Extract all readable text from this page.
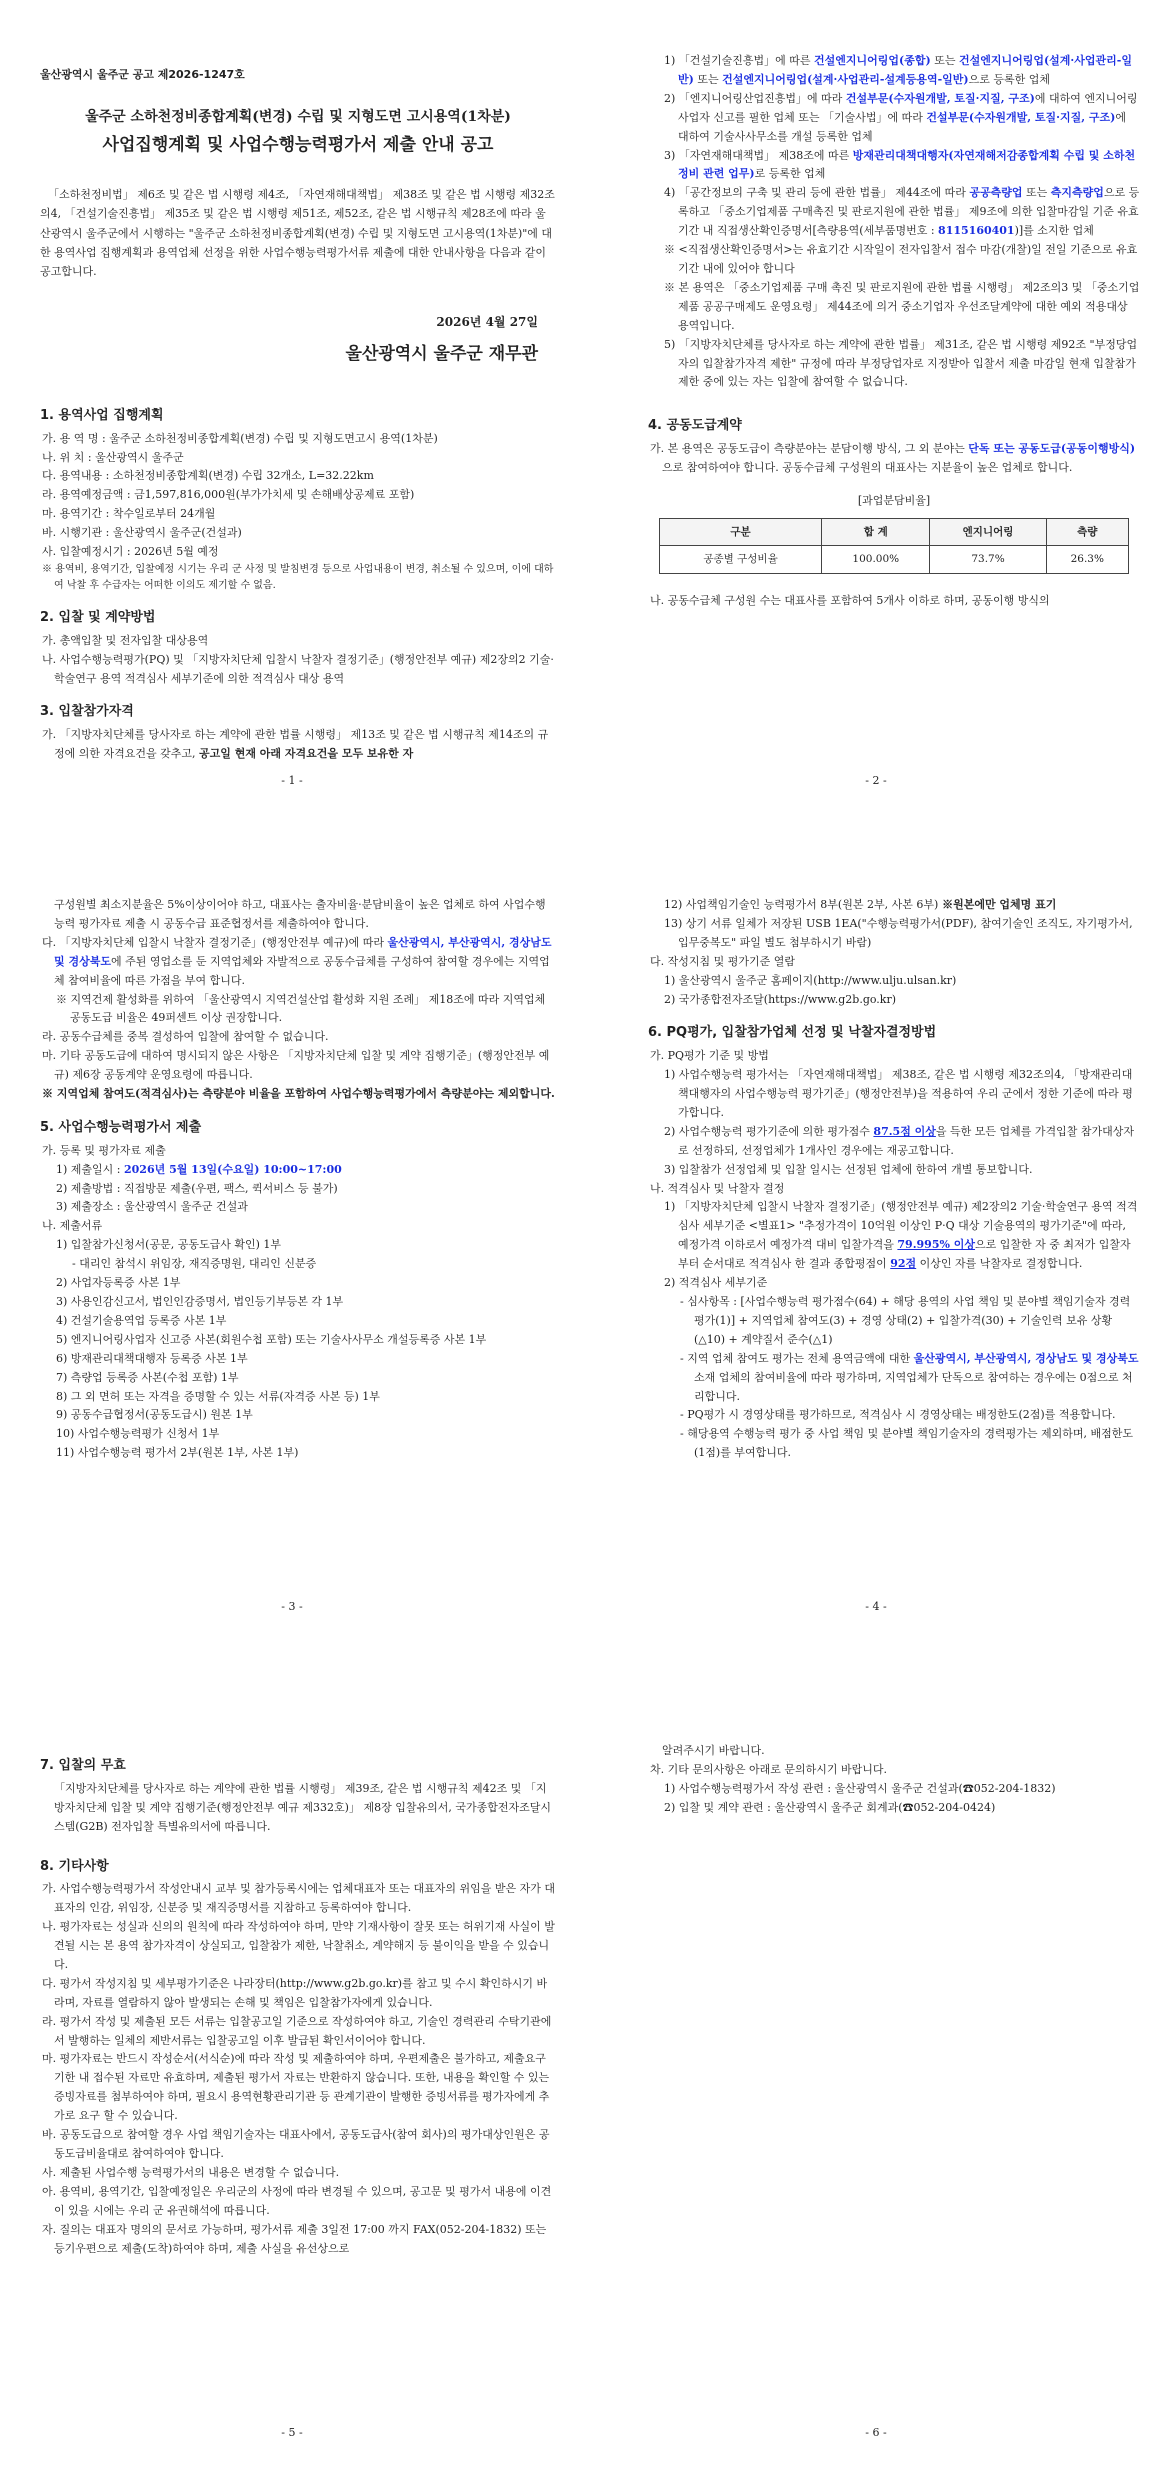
울산광역시 울주군 공고 제2026-1247호
울주군 소하천정비종합계획(변경) 수립 및 지형도면 고시용역(1차분)
사업집행계획 및 사업수행능력평가서 제출 안내 공고
「소하천정비법」 제6조 및 같은 법 시행령 제4조, 「자연재해대책법」 제38조 및 같은 법 시행령 제32조의4, 「건설기술진흥법」 제35조 및 같은 법 시행령 제51조, 제52조, 같은 법 시행규칙 제28조에 따라 울산광역시 울주군에서 시행하는 "울주군 소하천정비종합계획(변경) 수립 및 지형도면 고시용역(1차분)"에 대한 용역사업 집행계획과 용역업체 선정을 위한 사업수행능력평가서류 제출에 대한 안내사항을 다음과 같이 공고합니다.
2026년 4월 27일
울산광역시 울주군 재무관
1. 용역사업 집행계획
가. 용 역 명 : 울주군 소하천정비종합계획(변경) 수립 및 지형도면고시 용역(1차분)
나. 위 치 : 울산광역시 울주군
다. 용역내용 : 소하천정비종합계획(변경) 수립 32개소, L=32.22km
라. 용역예정금액 : 금1,597,816,000원(부가가치세 및 손해배상공제료 포함)
마. 용역기간 : 착수일로부터 24개월
바. 시행기관 : 울산광역시 울주군(건설과)
사. 입찰예정시기 : 2026년 5월 예정
※ 용역비, 용역기간, 입찰예정 시기는 우리 군 사정 및 발침변경 등으로 사업내용이 변경, 취소될 수 있으며, 이에 대하여 낙찰 후 수급자는 어떠한 이의도 제기할 수 없음.
2. 입찰 및 계약방법
가. 총액입찰 및 전자입찰 대상용역
나. 사업수행능력평가(PQ) 및 「지방자치단체 입찰시 낙찰자 결정기준」(행정안전부 예규) 제2장의2 기술·학술연구 용역 적격심사 세부기준에 의한 적격심사 대상 용역
3. 입찰참가자격
가. 「지방자치단체를 당사자로 하는 계약에 관한 법률 시행령」 제13조 및 같은 법 시행규칙 제14조의 규정에 의한 자격요건을 갖추고, 공고일 현재 아래 자격요건을 모두 보유한 자
- 1 -
1) 「건설기술진흥법」에 따른 건설엔지니어링업(종합) 또는 건설엔지니어링업(설계·사업관리-일반) 또는 건설엔지니어링업(설계·사업관리-설계등용역-일반)으로 등록한 업체
2) 「엔지니어링산업진흥법」에 따라 건설부문(수자원개발, 토질·지질, 구조)에 대하여 엔지니어링사업자 신고를 필한 업체 또는 「기술사법」에 따라 건설부문(수자원개발, 토질·지질, 구조)에 대하여 기술사사무소를 개설 등록한 업체
3) 「자연재해대책법」 제38조에 따른 방재관리대책대행자(자연재해저감종합계획 수립 및 소하천정비 관련 업무)로 등록한 업체
4) 「공간정보의 구축 및 관리 등에 관한 법률」 제44조에 따라 공공측량업 또는 측지측량업으로 등록하고 「중소기업제품 구매촉진 및 판로지원에 관한 법률」 제9조에 의한 입찰마감일 기준 유효기간 내 직접생산확인증명서[측량용역(세부품명번호 : 8115160401)]를 소지한 업체
※ <직접생산확인증명서>는 유효기간 시작일이 전자입찰서 접수 마감(개찰)일 전일 기준으로 유효기간 내에 있어야 합니다
※ 본 용역은 「중소기업제품 구매 촉진 및 판로지원에 관한 법률 시행령」 제2조의3 및 「중소기업제품 공공구매제도 운영요령」 제44조에 의거 중소기업자 우선조달계약에 대한 예외 적용대상 용역입니다.
5) 「지방자치단체를 당사자로 하는 계약에 관한 법률」 제31조, 같은 법 시행령 제92조 "부정당업자의 입찰참가자격 제한" 규정에 따라 부정당업자로 지정받아 입찰서 제출 마감일 현재 입찰참가 제한 중에 있는 자는 입찰에 참여할 수 없습니다.
4. 공동도급계약
가. 본 용역은 공동도급이 측량분야는 분담이행 방식, 그 외 분야는 단독 또는 공동도급(공동이행방식)으로 참여하여야 합니다. 공동수급체 구성원의 대표사는 지분율이 높은 업체로 합니다.
[과업분담비율]
구분	합 계	엔지니어링	측량
공종별 구성비율	100.00%	73.7%	26.3%
나. 공동수급체 구성원 수는 대표사를 포함하여 5개사 이하로 하며, 공동이행 방식의
- 2 -
구성원별 최소지분율은 5%이상이어야 하고, 대표사는 출자비율·분담비율이 높은 업체로 하여 사업수행능력 평가자료 제출 시 공동수급 표준협정서를 제출하여야 합니다.
다. 「지방자치단체 입찰시 낙찰자 결정기준」(행정안전부 예규)에 따라 울산광역시, 부산광역시, 경상남도 및 경상북도에 주된 영업소를 둔 지역업체와 자발적으로 공동수급체를 구성하여 참여할 경우에는 지역업체 참여비율에 따른 가점을 부여 합니다.
※ 지역건제 활성화를 위하여 「울산광역시 지역건설산업 활성화 지원 조례」 제18조에 따라 지역업체 공동도급 비율은 49퍼센트 이상 권장합니다.
라. 공동수급체를 중복 결성하여 입찰에 참여할 수 없습니다.
마. 기타 공동도급에 대하여 명시되지 않은 사항은 「지방자치단체 입찰 및 계약 집행기준」(행정안전부 예규) 제6장 공동계약 운영요령에 따릅니다.
※ 지역업체 참여도(적격심사)는 측량분야 비율을 포함하여 사업수행능력평가에서 측량분야는 제외합니다.
5. 사업수행능력평가서 제출
가. 등록 및 평가자료 제출
1) 제출일시 : 2026년 5월 13일(수요일) 10:00~17:00
2) 제출방법 : 직접방문 제출(우편, 팩스, 퀵서비스 등 불가)
3) 제출장소 : 울산광역시 울주군 건설과
나. 제출서류
1) 입찰참가신청서(공문, 공동도급사 확인) 1부
- 대리인 참석시 위임장, 재직증명원, 대리인 신분증
2) 사업자등록증 사본 1부
3) 사용인감신고서, 법인인감증명서, 법인등기부등본 각 1부
4) 건설기술용역업 등록증 사본 1부
5) 엔지니어링사업자 신고증 사본(회원수첩 포함) 또는 기술사사무소 개설등록증 사본 1부
6) 방재관리대책대행자 등록증 사본 1부
7) 측량업 등록증 사본(수첩 포함) 1부
8) 그 외 면허 또는 자격을 증명할 수 있는 서류(자격증 사본 등) 1부
9) 공동수급협정서(공동도급시) 원본 1부
10) 사업수행능력평가 신청서 1부
11) 사업수행능력 평가서 2부(원본 1부, 사본 1부)
- 3 -
12) 사업책임기술인 능력평가서 8부(원본 2부, 사본 6부) ※원본에만 업체명 표기
13) 상기 서류 일체가 저장된 USB 1EA("수행능력평가서(PDF), 참여기술인 조직도, 자기평가서, 입무중복도" 파일 별도 첨부하시기 바람)
다. 작성지침 및 평가기준 열람
1) 울산광역시 울주군 홈페이지(http://www.ulju.ulsan.kr)
2) 국가종합전자조달(https://www.g2b.go.kr)
6. PQ평가, 입찰참가업체 선정 및 낙찰자결정방법
가. PQ평가 기준 및 방법
1) 사업수행능력 평가서는 「자연재해대책법」 제38조, 같은 법 시행령 제32조의4, 「방재관리대책대행자의 사업수행능력 평가기준」(행정안전부)을 적용하여 우리 군에서 정한 기준에 따라 평가합니다.
2) 사업수행능력 평가기준에 의한 평가점수 87.5점 이상을 득한 모든 업체를 가격입찰 참가대상자로 선정하되, 선정업체가 1개사인 경우에는 재공고합니다.
3) 입찰참가 선정업체 및 입찰 일시는 선정된 업체에 한하여 개별 통보합니다.
나. 적격심사 및 낙찰자 결정
1) 「지방자치단체 입찰시 낙찰자 결정기준」(행정안전부 예규) 제2장의2 기술·학술연구 용역 적격심사 세부기준 <별표1> "추정가격이 10억원 이상인 P·Q 대상 기술용역의 평가기준"에 따라, 예정가격 이하로서 예정가격 대비 입찰가격을 79.995% 이상으로 입찰한 자 중 최저가 입찰자부터 순서대로 적격심사 한 결과 종합평점이 92점 이상인 자를 낙찰자로 결정합니다.
2) 적격심사 세부기준
- 심사항목 : [사업수행능력 평가점수(64) + 해당 용역의 사업 책임 및 분야별 책임기술자 경력 평가(1)] + 지역업체 참여도(3) + 경영 상태(2) + 입찰가격(30) + 기술인력 보유 상황(△10) + 계약질서 준수(△1)
- 지역 업체 참여도 평가는 전체 용역금액에 대한 울산광역시, 부산광역시, 경상남도 및 경상북도 소재 업체의 참여비율에 따라 평가하며, 지역업체가 단독으로 참여하는 경우에는 0점으로 처리합니다.
- PQ평가 시 경영상태를 평가하므로, 적격심사 시 경영상태는 배정한도(2점)를 적용합니다.
- 해당용역 수행능력 평가 중 사업 책임 및 분야별 책임기술자의 경력평가는 제외하며, 배점한도(1점)를 부여합니다.
- 4 -
7. 입찰의 무효
「지방자치단체를 당사자로 하는 계약에 관한 법률 시행령」 제39조, 같은 법 시행규칙 제42조 및 「지방자치단체 입찰 및 계약 집행기준(행정안전부 예규 제332호)」 제8장 입찰유의서, 국가종합전자조달시스템(G2B) 전자입찰 특별유의서에 따릅니다.
8. 기타사항
가. 사업수행능력평가서 작성안내시 교부 및 참가등록시에는 업체대표자 또는 대표자의 위임을 받은 자가 대표자의 인감, 위임장, 신분증 및 재직증명서를 지참하고 등록하여야 합니다.
나. 평가자료는 성실과 신의의 원칙에 따라 작성하여야 하며, 만약 기재사항이 잘못 또는 허위기재 사실이 발견될 시는 본 용역 참가자격이 상실되고, 입찰참가 제한, 낙찰취소, 계약해지 등 불이익을 받을 수 있습니다.
다. 평가서 작성지침 및 세부평가기준은 나라장터(http://www.g2b.go.kr)를 참고 및 수시 확인하시기 바라며, 자료를 열람하지 않아 발생되는 손해 및 책임은 입찰참가자에게 있습니다.
라. 평가서 작성 및 제출된 모든 서류는 입찰공고일 기준으로 작성하여야 하고, 기술인 경력관리 수탁기관에서 발행하는 일체의 제반서류는 입찰공고일 이후 발급된 확인서이어야 합니다.
마. 평가자료는 반드시 작성순서(서식순)에 따라 작성 및 제출하여야 하며, 우편제출은 불가하고, 제출요구 기한 내 접수된 자료만 유효하며, 제출된 평가서 자료는 반환하지 않습니다. 또한, 내용을 확인할 수 있는 증빙자료를 첨부하여야 하며, 필요시 용역현황관리기관 등 관계기관이 발행한 증빙서류를 평가자에게 추가로 요구 할 수 있습니다.
바. 공동도급으로 참여할 경우 사업 책임기술자는 대표사에서, 공동도급사(참여 회사)의 평가대상인원은 공동도급비율대로 참여하여야 합니다.
사. 제출된 사업수행 능력평가서의 내용은 변경할 수 없습니다.
아. 용역비, 용역기간, 입찰예정일은 우리군의 사정에 따라 변경될 수 있으며, 공고문 및 평가서 내용에 이견이 있을 시에는 우리 군 유권해석에 따릅니다.
자. 질의는 대표자 명의의 문서로 가능하며, 평가서류 제출 3일전 17:00 까지 FAX(052-204-1832) 또는 등기우편으로 제출(도착)하여야 하며, 제출 사실을 유선상으로
- 5 -
알려주시기 바랍니다.
차. 기타 문의사항은 아래로 문의하시기 바랍니다.
1) 사업수행능력평가서 작성 관련 : 울산광역시 울주군 건설과(☎052-204-1832)
2) 입찰 및 계약 관련 : 울산광역시 울주군 회계과(☎052-204-0424)
- 6 -
